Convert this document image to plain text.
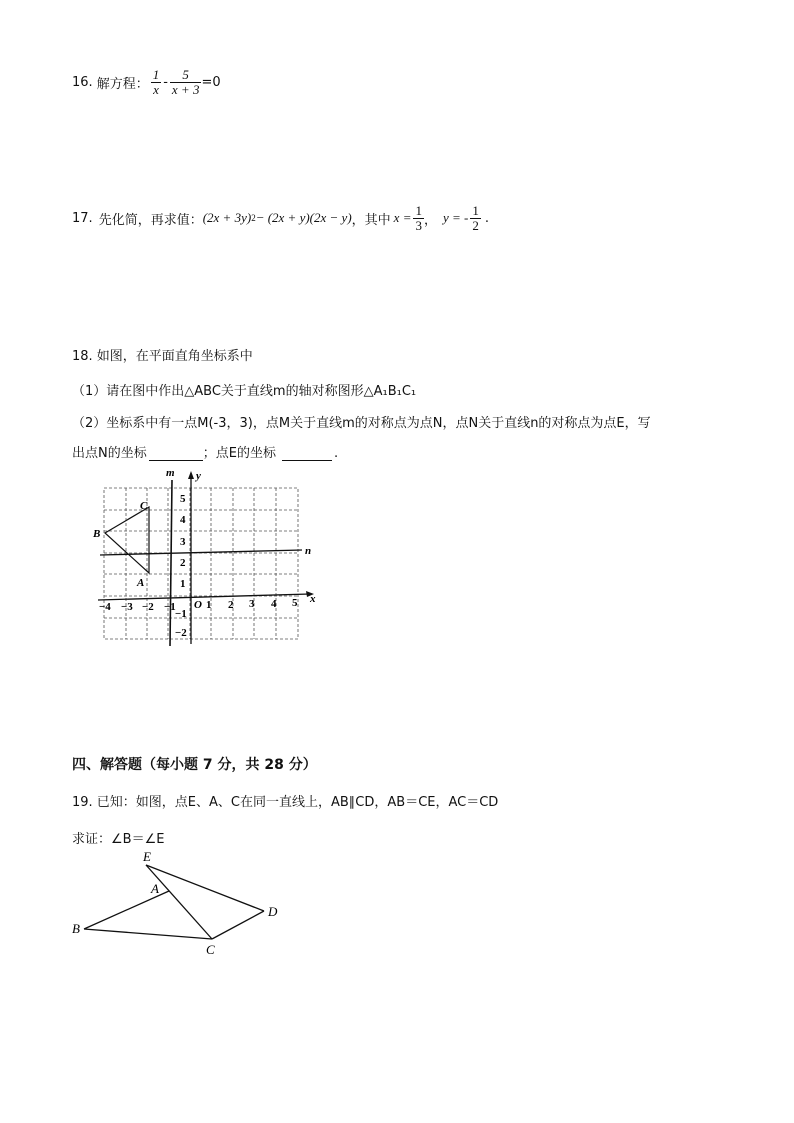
16. 解方程： $\frac{1}{x} - \frac{5}{x + 3} =0$
17. 先化简，再求值： (2x + 3y) 2 − (2x + y)(2x − y) ，其中 $x = \frac{1}{3}$ ， y = - $\frac{1}{2}$ .
18. 如图，在平面直角坐标系中
（1）请在图中作出△ABC关于直线m的轴对称图形△A₁B₁C₁
（2）坐标系中有一点M(-3，3)，点M关于直线m的对称点为点N，点N关于直线n的对称点为点E，写
出点N的坐标	；点E的坐标	.
m y
n
x
O
A
B
C
−4 −3 −2 −1	1 2 3 4 5
5
4
3
2
1
−1
−2
四、解答题（每小题 7 分，共 28 分）
19. 已知：如图，点E、A、C在同一直线上，AB∥CD，AB＝CE，AC＝CD
求证：∠B＝∠E
E
A
B
C
D
